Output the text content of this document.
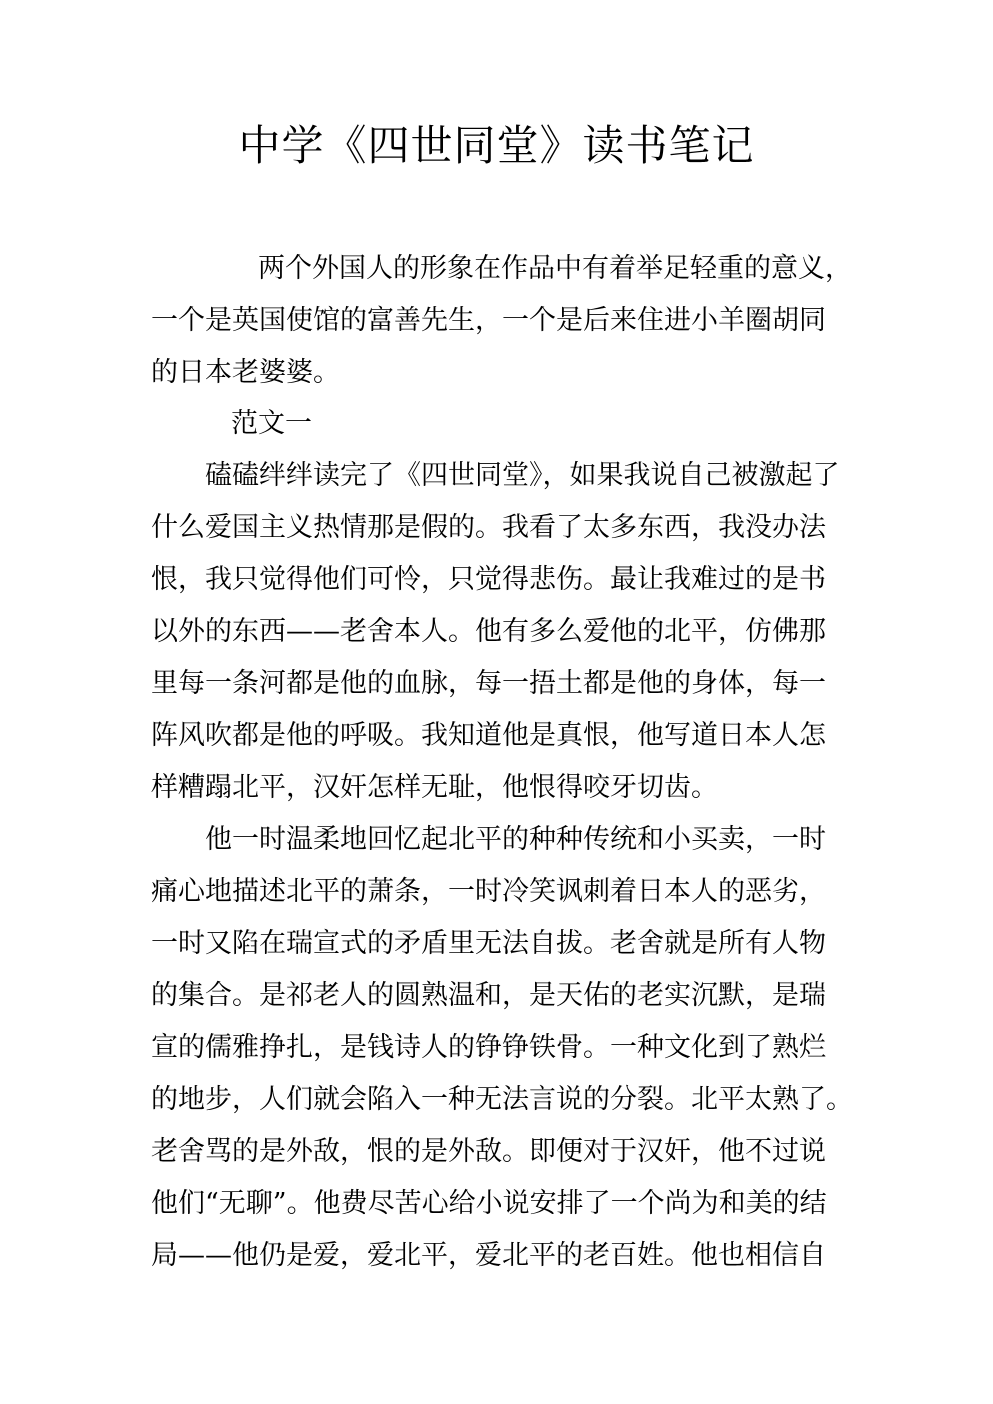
中学《四世同堂》读书笔记
两个外国人的形象在作品中有着举足轻重的意义，
一个是英国使馆的富善先生，一个是后来住进小羊圈胡同
的日本老婆婆。
范文一
磕磕绊绊读完了《四世同堂》，如果我说自己被激起了
什么爱国主义热情那是假的。我看了太多东西，我没办法
恨，我只觉得他们可怜，只觉得悲伤。最让我难过的是书
以外的东西——老舍本人。他有多么爱他的北平，仿佛那
里每一条河都是他的血脉，每一捂土都是他的身体，每一
阵风吹都是他的呼吸。我知道他是真恨，他写道日本人怎
样糟蹋北平，汉奸怎样无耻，他恨得咬牙切齿。
他一时温柔地回忆起北平的种种传统和小买卖，一时
痛心地描述北平的萧条，一时冷笑讽刺着日本人的恶劣，
一时又陷在瑞宣式的矛盾里无法自拔。老舍就是所有人物
的集合。是祁老人的圆熟温和，是天佑的老实沉默，是瑞
宣的儒雅挣扎，是钱诗人的铮铮铁骨。一种文化到了熟烂
的地步，人们就会陷入一种无法言说的分裂。北平太熟了。
老舍骂的是外敌，恨的是外敌。即便对于汉奸，他不过说
他们“无聊”。他费尽苦心给小说安排了一个尚为和美的结
局——他仍是爱，爱北平，爱北平的老百姓。他也相信自
